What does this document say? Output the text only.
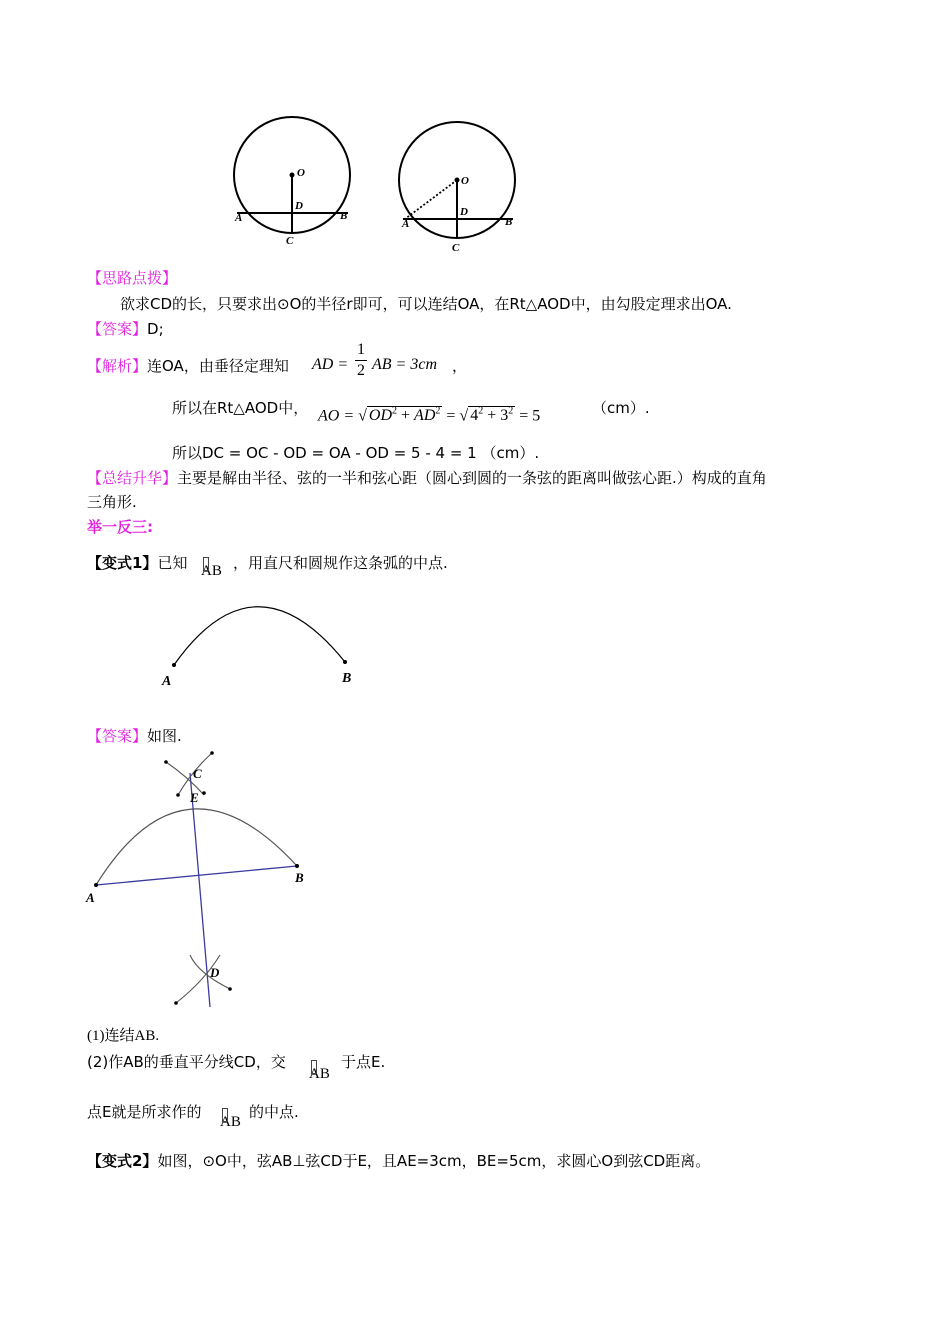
O
D
A	B
C
O
D
A	B
C
【思路点拨】
欲求CD的长，只要求出⊙O的半径r即可，可以连结OA，在Rt△AOD中，由勾股定理求出OA.
【答案】D;
【解析】连OA，由垂径定理知 AD =
1
2 AB = 3cm ，
所以在Rt△AOD中， AO = √ $OD^2 + AD^2$ = √ $4^2 + 3^2 = 5$	（cm）.
所以DC = OC - OD = OA - OD = 5 - 4 = 1 （cm）.
【总结升华】主要是解由半径、弦的一半和弦心距（圆心到圆的一条弦的距离叫做弦心距.）构成的直角
三角形.
举一反三:
【变式1】已知 AB ，用直尺和圆规作这条弧的中点.
A	B
【答案】如图.
C
E
A
B
D
(1)连结AB.
(2)作AB的垂直平分线CD，交
AB
于点E.
点E就是所求作的
AB
的中点.
【变式2】如图，⊙O中，弦AB⊥弦CD于E，且AE=3cm，BE=5cm，求圆心O到弦CD距离。
